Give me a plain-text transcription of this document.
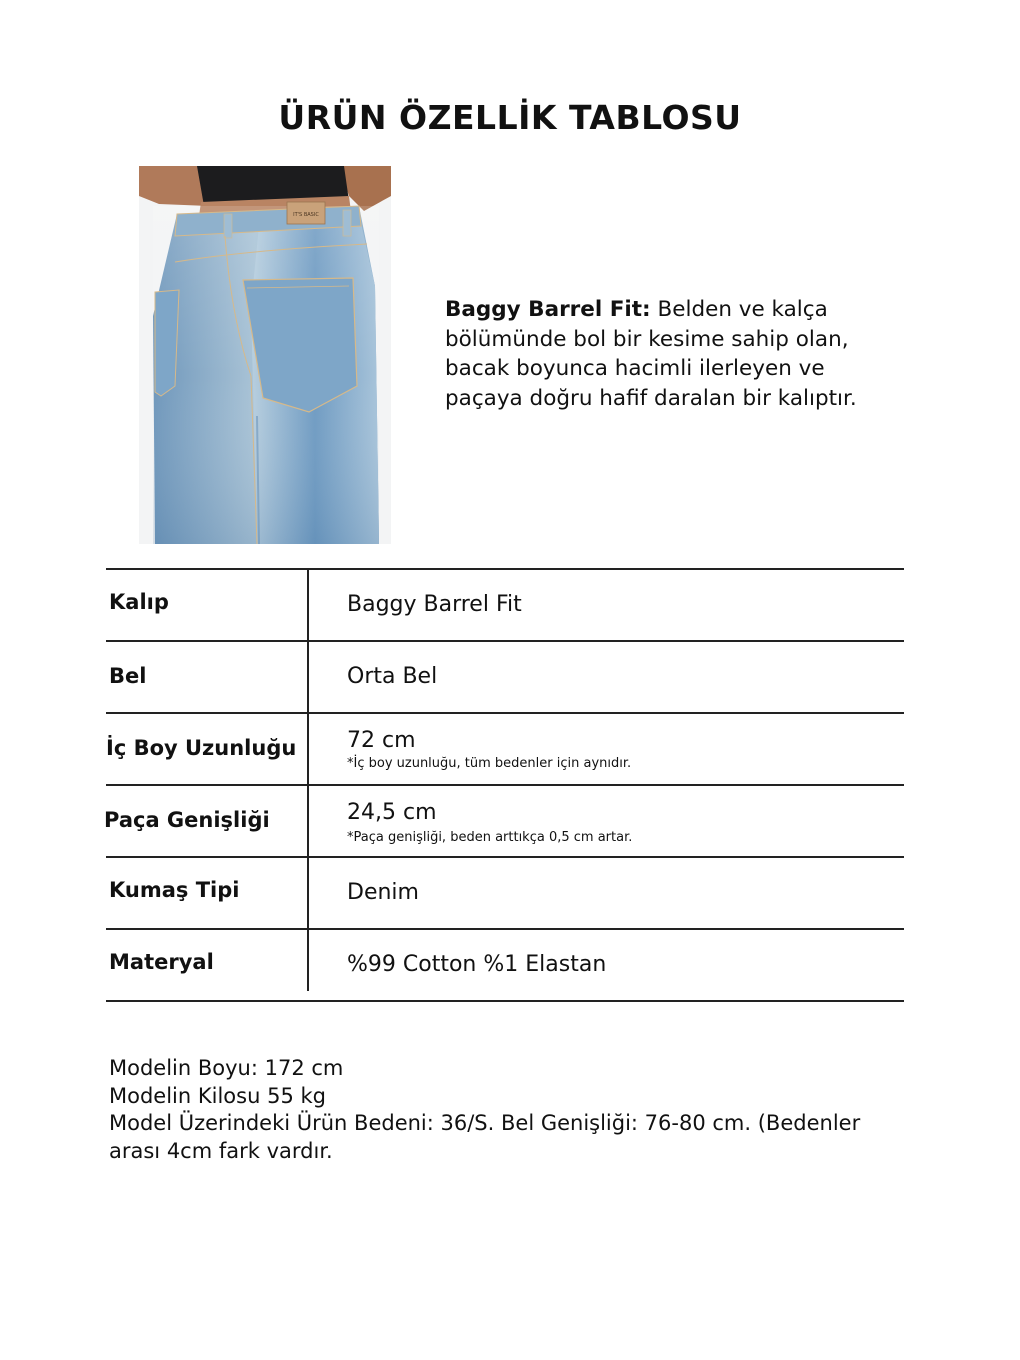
ÜRÜN ÖZELLİK TABLOSU
IT'S BASIC
Baggy Barrel Fit: Belden ve kalça
bölümünde bol bir kesime sahip olan,
bacak boyunca hacimli ilerleyen ve
paçaya doğru hafif daralan bir kalıptır.
Kalıp	Baggy Barrel Fit
Bel	Orta Bel
İç Boy Uzunluğu 72 cm
*İç boy uzunluğu, tüm bedenler için aynıdır.
Paça Genişliği	24,5 cm
*Paça genişliği, beden arttıkça 0,5 cm artar.
Kumaş Tipi	Denim
Materyal	%99 Cotton %1 Elastan
Modelin Boyu: 172 cm
Modelin Kilosu 55 kg
Model Üzerindeki Ürün Bedeni: 36/S. Bel Genişliği: 76-80 cm. (Bedenler
arası 4cm fark vardır.
